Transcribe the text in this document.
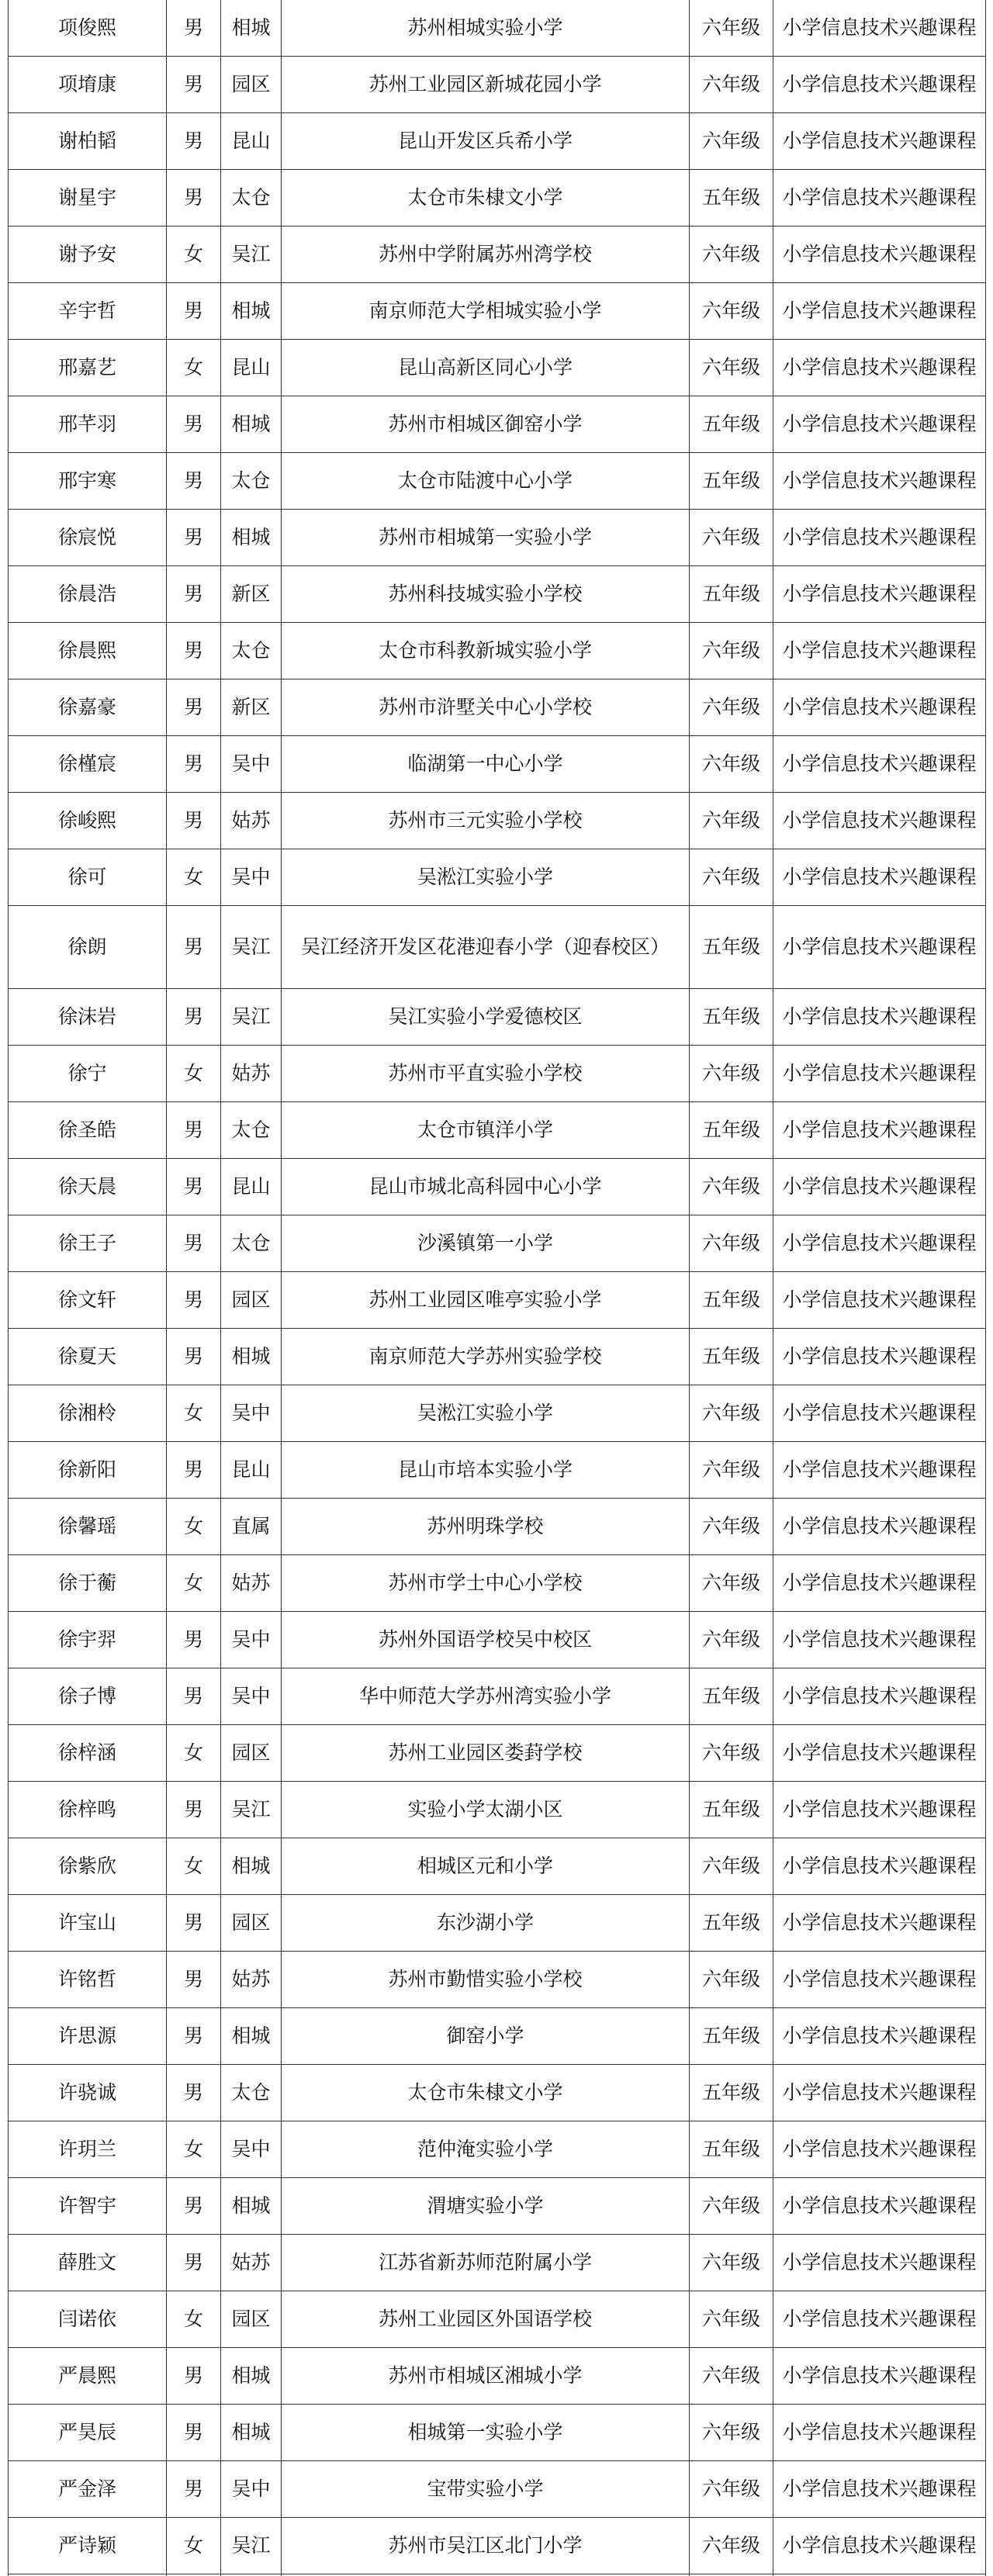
项俊熙	男	相城	苏州相城实验小学	六年级	小学信息技术兴趣课程
项堉康	男	园区	苏州工业园区新城花园小学	六年级	小学信息技术兴趣课程
谢柏韬	男	昆山	昆山开发区兵希小学	六年级	小学信息技术兴趣课程
谢星宇	男	太仓	太仓市朱棣文小学	五年级	小学信息技术兴趣课程
谢予安	女	吴江	苏州中学附属苏州湾学校	六年级	小学信息技术兴趣课程
辛宇哲	男	相城	南京师范大学相城实验小学	六年级	小学信息技术兴趣课程
邢嘉艺	女	昆山	昆山高新区同心小学	六年级	小学信息技术兴趣课程
邢芊羽	男	相城	苏州市相城区御窑小学	五年级	小学信息技术兴趣课程
邢宇寒	男	太仓	太仓市陆渡中心小学	五年级	小学信息技术兴趣课程
徐宸悦	男	相城	苏州市相城第一实验小学	六年级	小学信息技术兴趣课程
徐晨浩	男	新区	苏州科技城实验小学校	五年级	小学信息技术兴趣课程
徐晨熙	男	太仓	太仓市科教新城实验小学	六年级	小学信息技术兴趣课程
徐嘉豪	男	新区	苏州市浒墅关中心小学校	六年级	小学信息技术兴趣课程
徐槿宸	男	吴中	临湖第一中心小学	六年级	小学信息技术兴趣课程
徐峻熙	男	姑苏	苏州市三元实验小学校	六年级	小学信息技术兴趣课程
徐可	女	吴中	吴淞江实验小学	六年级	小学信息技术兴趣课程
徐朗	男	吴江	吴江经济开发区花港迎春小学（迎春校区）	五年级	小学信息技术兴趣课程
徐沫岩	男	吴江	吴江实验小学爱德校区	五年级	小学信息技术兴趣课程
徐宁	女	姑苏	苏州市平直实验小学校	六年级	小学信息技术兴趣课程
徐圣皓	男	太仓	太仓市镇洋小学	五年级	小学信息技术兴趣课程
徐天晨	男	昆山	昆山市城北高科园中心小学	六年级	小学信息技术兴趣课程
徐王子	男	太仓	沙溪镇第一小学	六年级	小学信息技术兴趣课程
徐文轩	男	园区	苏州工业园区唯亭实验小学	五年级	小学信息技术兴趣课程
徐夏天	男	相城	南京师范大学苏州实验学校	五年级	小学信息技术兴趣课程
徐湘柃	女	吴中	吴淞江实验小学	六年级	小学信息技术兴趣课程
徐新阳	男	昆山	昆山市培本实验小学	六年级	小学信息技术兴趣课程
徐馨瑶	女	直属	苏州明珠学校	六年级	小学信息技术兴趣课程
徐于蘅	女	姑苏	苏州市学士中心小学校	六年级	小学信息技术兴趣课程
徐宇羿	男	吴中	苏州外国语学校吴中校区	六年级	小学信息技术兴趣课程
徐子博	男	吴中	华中师范大学苏州湾实验小学	五年级	小学信息技术兴趣课程
徐梓涵	女	园区	苏州工业园区娄葑学校	六年级	小学信息技术兴趣课程
徐梓鸣	男	吴江	实验小学太湖小区	五年级	小学信息技术兴趣课程
徐紫欣	女	相城	相城区元和小学	六年级	小学信息技术兴趣课程
许宝山	男	园区	东沙湖小学	五年级	小学信息技术兴趣课程
许铭哲	男	姑苏	苏州市勤惜实验小学校	六年级	小学信息技术兴趣课程
许思源	男	相城	御窑小学	五年级	小学信息技术兴趣课程
许骁诚	男	太仓	太仓市朱棣文小学	五年级	小学信息技术兴趣课程
许玥兰	女	吴中	范仲淹实验小学	五年级	小学信息技术兴趣课程
许智宇	男	相城	渭塘实验小学	六年级	小学信息技术兴趣课程
薛胜文	男	姑苏	江苏省新苏师范附属小学	六年级	小学信息技术兴趣课程
闫诺依	女	园区	苏州工业园区外国语学校	六年级	小学信息技术兴趣课程
严晨熙	男	相城	苏州市相城区湘城小学	六年级	小学信息技术兴趣课程
严昊辰	男	相城	相城第一实验小学	六年级	小学信息技术兴趣课程
严金泽	男	吴中	宝带实验小学	六年级	小学信息技术兴趣课程
严诗颖	女	吴江	苏州市吴江区北门小学	六年级	小学信息技术兴趣课程
